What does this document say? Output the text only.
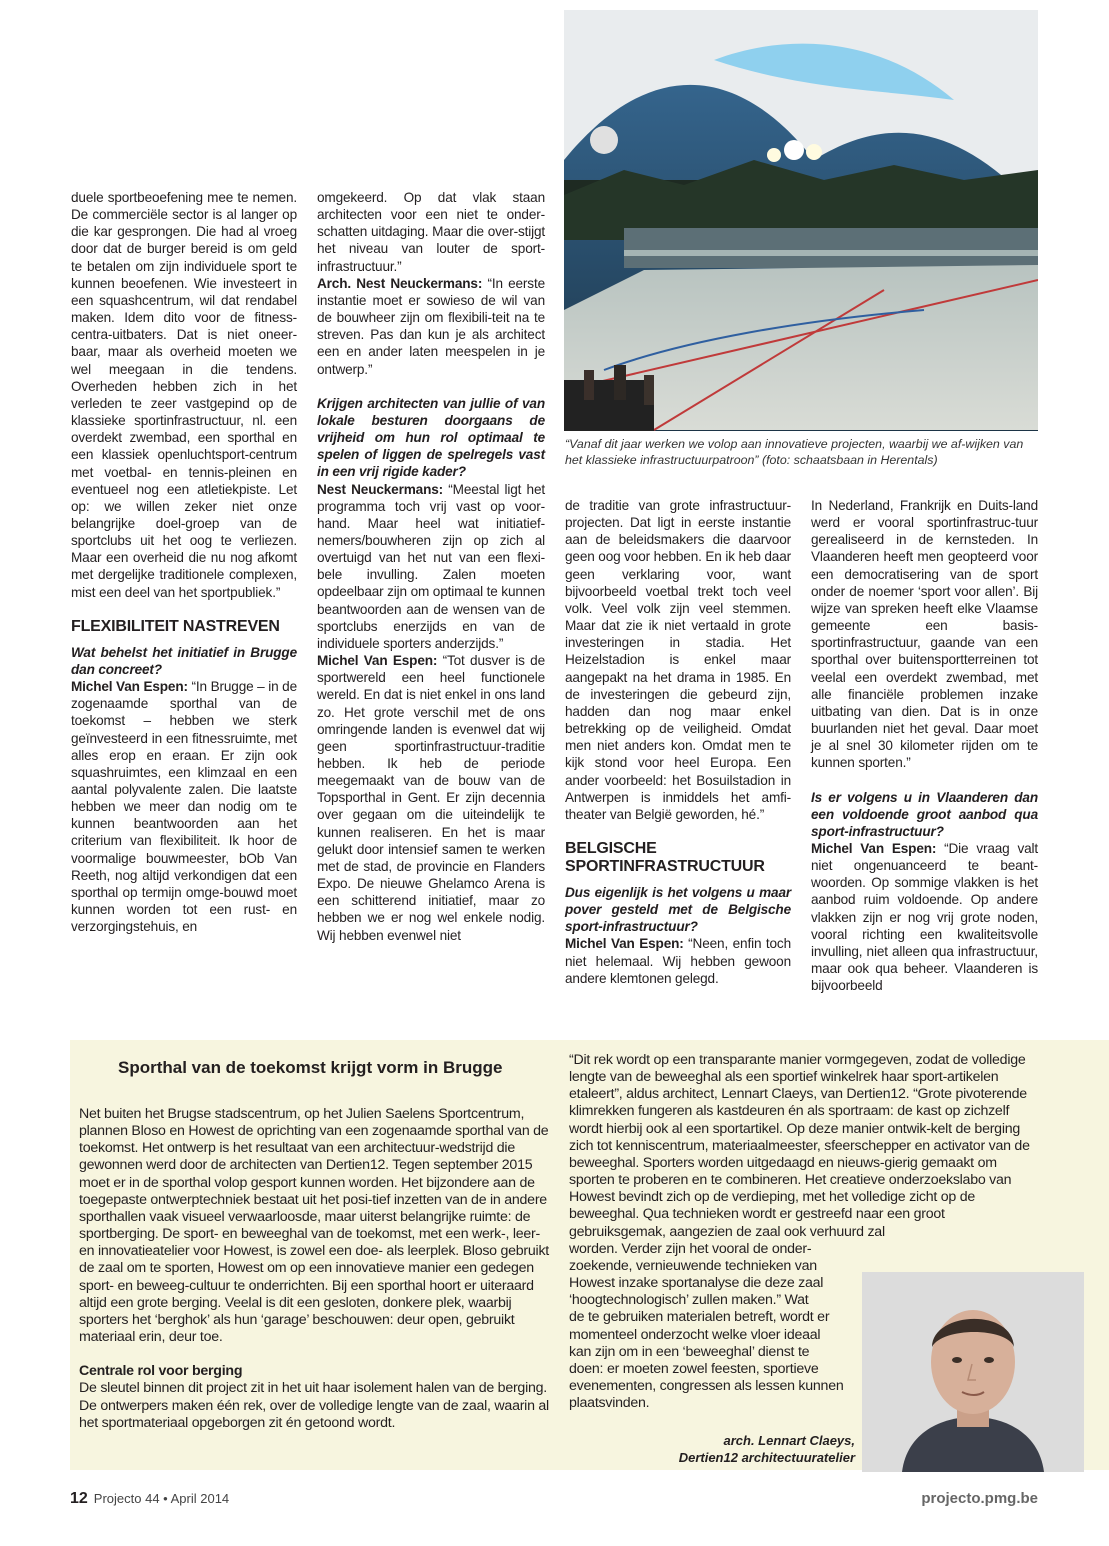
duele sportbeoefening mee te nemen. De commerciële sector is al langer op die kar gesprongen. Die had al vroeg door dat de burger bereid is om geld te betalen om zijn individuele sport te kunnen beoefenen. Wie investeert in een squashcentrum, wil dat rendabel maken. Idem dito voor de fitness-centra-uitbaters. Dat is niet oneer-baar, maar als overheid moeten we wel meegaan in die tendens. Overheden hebben zich in het verleden te zeer vastgepind op de klassieke sportinfrastructuur, nl. een overdekt zwembad, een sporthal en een klassiek openluchtsport-centrum met voetbal- en tennis-pleinen en eventueel nog een atletiekpiste. Let op: we willen zeker niet onze belangrijke doel-groep van de sportclubs uit het oog te verliezen. Maar een overheid die nu nog afkomt met dergelijke traditionele complexen, mist een deel van het sportpubliek.”

FLEXIBILITEIT NASTREVEN

Wat behelst het initiatief in Brugge dan concreet?

Michel Van Espen: “In Brugge – in de zogenaamde sporthal van de toekomst – hebben we sterk geïnvesteerd in een fitnessruimte, met alles erop en eraan. Er zijn ook squashruimtes, een klimzaal en een aantal polyvalente zalen. Die laatste hebben we meer dan nodig om te kunnen beantwoorden aan het criterium van flexibiliteit. Ik hoor de voormalige bouwmeester, bOb Van Reeth, nog altijd verkondigen dat een sporthal op termijn omge-bouwd moet kunnen worden tot een rust- en verzorgingstehuis, en

omgekeerd. Op dat vlak staan architecten voor een niet te onder-schatten uitdaging. Maar die over-stijgt het niveau van louter de sport-infrastructuur.”

Arch. Nest Neuckermans: “In eerste instantie moet er sowieso de wil van de bouwheer zijn om flexibili-teit na te streven. Pas dan kun je als architect een en ander laten meespelen in je ontwerp.”

Krijgen architecten van jullie of van lokale besturen doorgaans de vrijheid om hun rol optimaal te spelen of liggen de spelregels vast in een vrij rigide kader?

Nest Neuckermans: “Meestal ligt het programma toch vrij vast op voor-hand. Maar heel wat initiatief-nemers/bouwheren zijn op zich al overtuigd van het nut van een flexi-bele invulling. Zalen moeten opdeelbaar zijn om optimaal te kunnen beantwoorden aan de wensen van de sportclubs enerzijds en van de individuele sporters anderzijds.”

Michel Van Espen: “Tot dusver is de sportwereld een heel functionele wereld. En dat is niet enkel in ons land zo. Het grote verschil met de ons omringende landen is evenwel dat wij geen sportinfrastructuur-traditie hebben. Ik heb de periode meegemaakt van de bouw van de Topsporthal in Gent. Er zijn decennia over gegaan om die uiteindelijk te kunnen realiseren. En het is maar gelukt door intensief samen te werken met de stad, de provincie en Flanders Expo. De nieuwe Ghelamco Arena is een schitterend initiatief, maar zo hebben we er nog wel enkele nodig. Wij hebben evenwel niet

“Vanaf dit jaar werken we volop aan innovatieve projecten, waarbij we af-wijken van het klassieke infrastructuurpatroon” (foto: schaatsbaan in Herentals)

de traditie van grote infrastructuur-projecten. Dat ligt in eerste instantie aan de beleidsmakers die daarvoor geen oog voor hebben. En ik heb daar geen verklaring voor, want bijvoorbeeld voetbal trekt toch veel volk. Veel volk zijn veel stemmen. Maar dat zie ik niet vertaald in grote investeringen in stadia. Het Heizelstadion is enkel maar aangepakt na het drama in 1985. En de investeringen die gebeurd zijn, hadden dan nog maar enkel betrekking op de veiligheid. Omdat men niet anders kon. Omdat men te kijk stond voor heel Europa. Een ander voorbeeld: het Bosuilstadion in Antwerpen is inmiddels het amfi-theater van België geworden, hé.”

BELGISCHE SPORTINFRASTRUCTUUR

Dus eigenlijk is het volgens u maar pover gesteld met de Belgische sport-infrastructuur?

Michel Van Espen: “Neen, enfin toch niet helemaal. Wij hebben gewoon andere klemtonen gelegd.

In Nederland, Frankrijk en Duits-land werd er vooral sportinfrastruc-tuur gerealiseerd in de kernsteden. In Vlaanderen heeft men geopteerd voor een democratisering van de sport onder de noemer ‘sport voor allen’. Bij wijze van spreken heeft elke Vlaamse gemeente een basis-sportinfrastructuur, gaande van een sporthal over buitensportterreinen tot veelal een overdekt zwembad, met alle financiële problemen inzake uitbating van dien. Dat is in onze buurlanden niet het geval. Daar moet je al snel 30 kilometer rijden om te kunnen sporten.”

Is er volgens u in Vlaanderen dan een voldoende groot aanbod qua sport-infrastructuur?

Michel Van Espen: “Die vraag valt niet ongenuanceerd te beant-woorden. Op sommige vlakken is het aanbod ruim voldoende. Op andere vlakken zijn er nog vrij grote noden, vooral richting een kwaliteitsvolle invulling, niet alleen qua infrastructuur, maar ook qua beheer. Vlaanderen is bijvoorbeeld

Sporthal van de toekomst krijgt vorm in Brugge

Net buiten het Brugse stadscentrum, op het Julien Saelens Sportcentrum, plannen Bloso en Howest de oprichting van een zogenaamde sporthal van de toekomst. Het ontwerp is het resultaat van een architectuur-wedstrijd die gewonnen werd door de architecten van Dertien12. Tegen september 2015 moet er in de sporthal volop gesport kunnen worden. Het bijzondere aan de toegepaste ontwerptechniek bestaat uit het posi-tief inzetten van de in andere sporthallen vaak visueel verwaarloosde, maar uiterst belangrijke ruimte: de sportberging. De sport- en beweeghal van de toekomst, met een werk-, leer- en innovatieatelier voor Howest, is zowel een doe- als leerplek. Bloso gebruikt de zaal om te sporten, Howest om op een innovatieve manier een gedegen sport- en beweeg-cultuur te onderrichten. Bij een sporthal hoort er uiteraard altijd een grote berging. Veelal is dit een gesloten, donkere plek, waarbij sporters het ‘berghok’ als hun ‘garage’ beschouwen: deur open, gebruikt materiaal erin, deur toe.

Centrale rol voor berging

De sleutel binnen dit project zit in het uit haar isolement halen van de berging. De ontwerpers maken één rek, over de volledige lengte van de zaal, waarin al het sportmateriaal opgeborgen zit én getoond wordt.

“Dit rek wordt op een transparante manier vormgegeven, zodat de volledige lengte van de beweeghal als een sportief winkelrek haar sport-artikelen etaleert”, aldus architect, Lennart Claeys, van Dertien12. “Grote pivoterende klimrekken fungeren als kastdeuren én als sportraam: de kast op zichzelf wordt hierbij ook al een sportartikel. Op deze manier ontwik-kelt de berging zich tot kenniscentrum, materiaalmeester, sfeerschepper en activator van de beweeghal. Sporters worden uitgedaagd en nieuws-gierig gemaakt om sporten te proberen en te combineren. Het creatieve onderzoekslabo van Howest bevindt zich op de verdieping, met het volledige zicht op de beweeghal. Qua technieken wordt er gestreefd naar een groot gebruiksgemak, aangezien de zaal ook verhuurd zal

worden. Verder zijn het vooral de onder-
zoekende, vernieuwende technieken van
Howest inzake sportanalyse die deze zaal
‘hoogtechnologisch’ zullen maken.” Wat
de te gebruiken materialen betreft, wordt er
momenteel onderzocht welke vloer ideaal
kan zijn om in een ‘beweeghal’ dienst te
doen: er moeten zowel feesten, sportieve
evenementen, congressen als lessen kunnen
plaatsvinden.
arch. Lennart Claeys,
Dertien12 architectuuratelier
12 Projecto 44 • April 2014	projecto.pmg.be
